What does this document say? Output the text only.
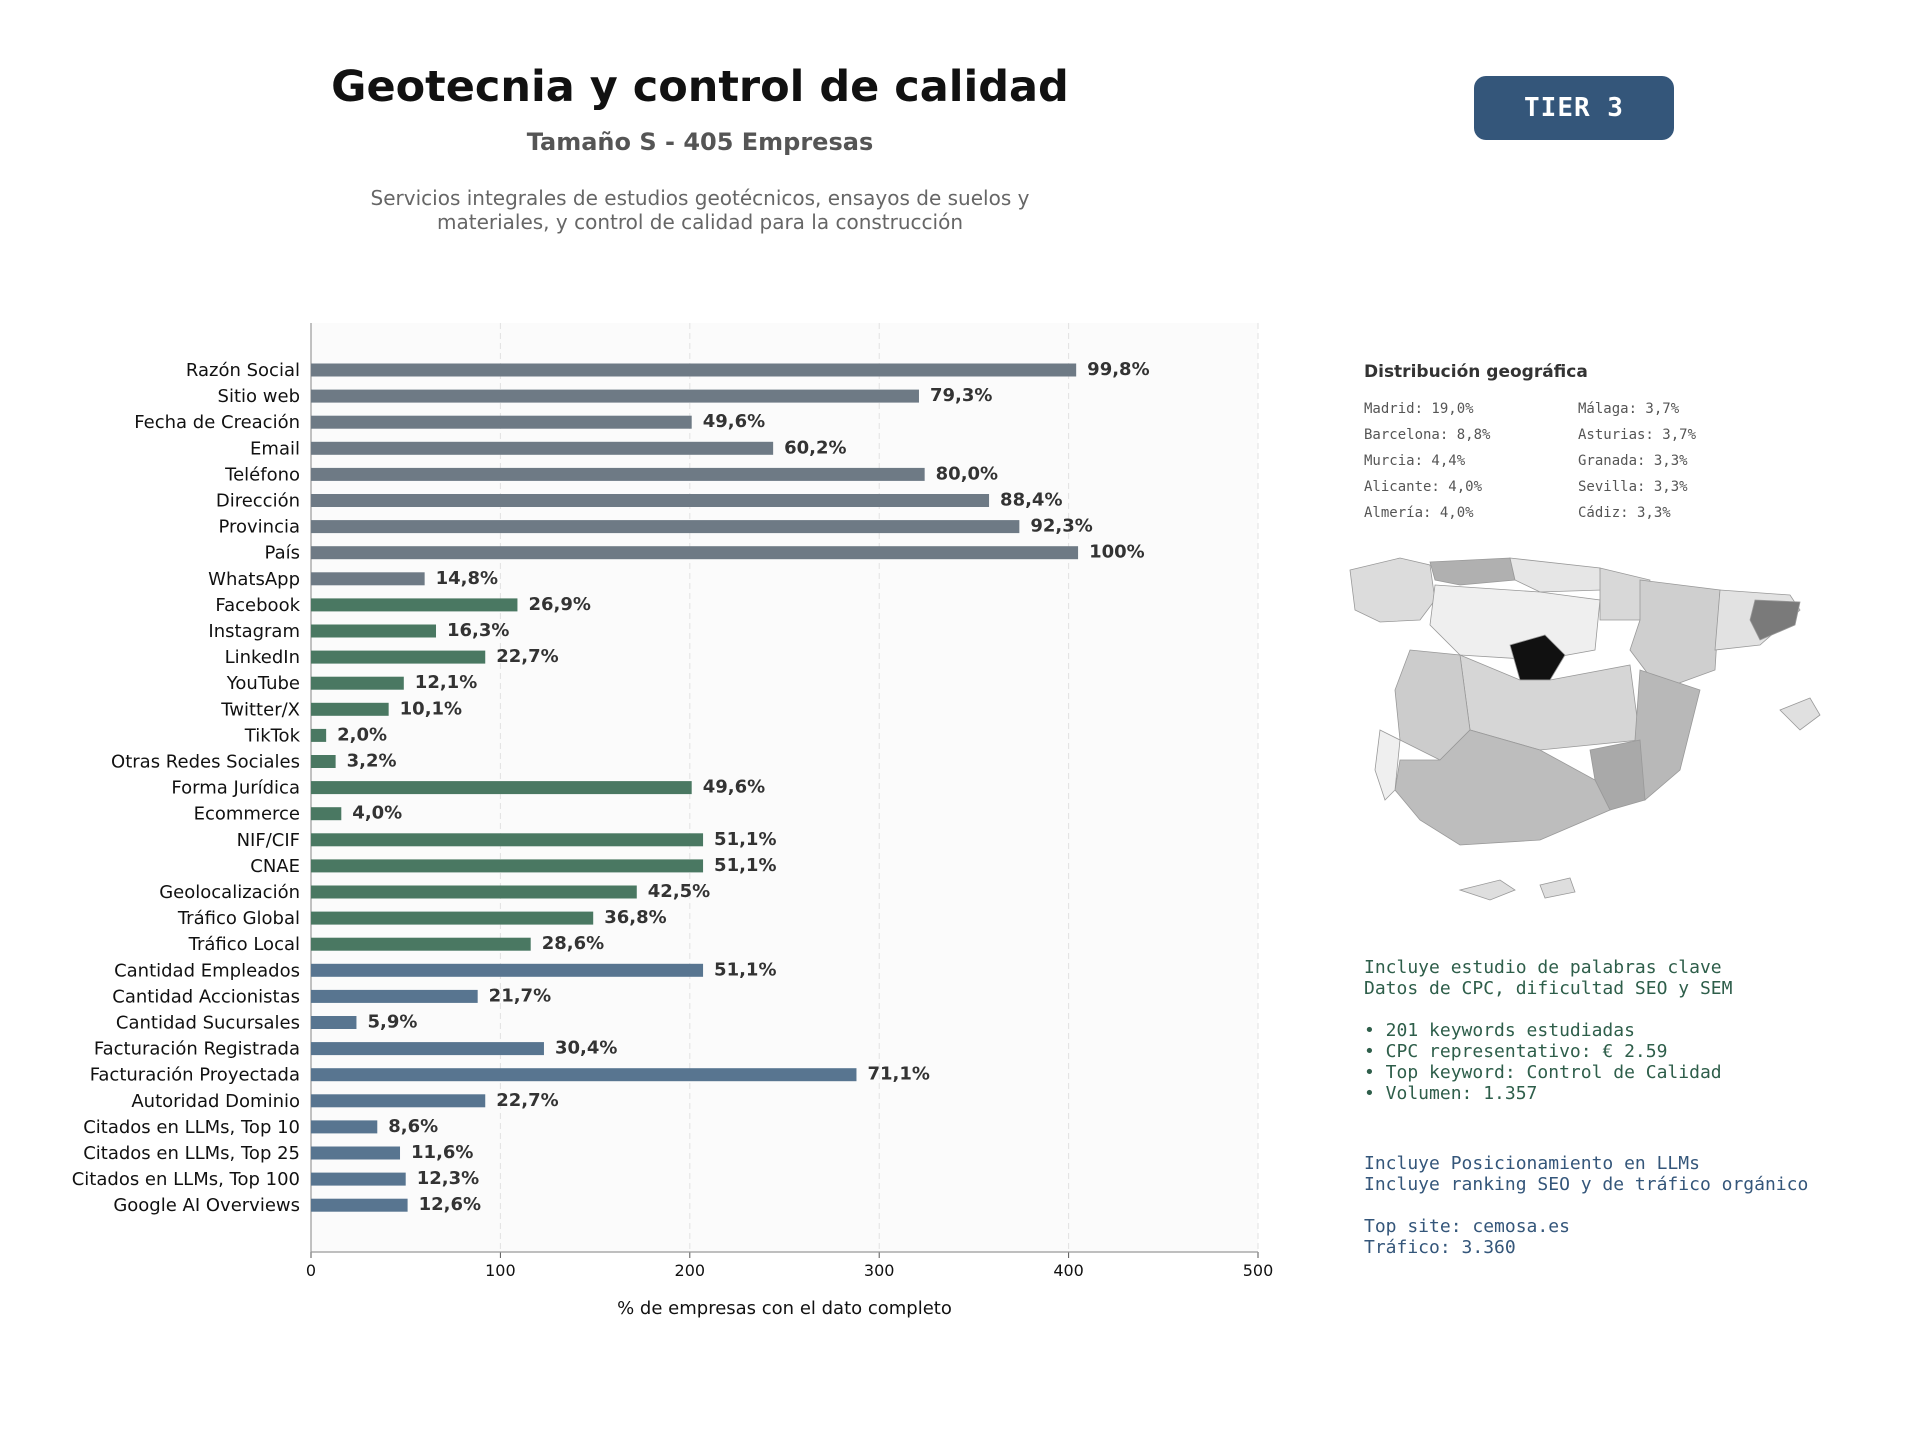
Geotecnia y control de calidad
Tamaño S - 405 Empresas
Servicios integrales de estudios geotécnicos, ensayos de suelos y
materiales, y control de calidad para la construcción
TIER 3
0	100	200	300	400	500
Razón Social	99,8%
Sitio web	79,3%
Fecha de Creación	49,6%
Email	60,2%
Teléfono	80,0%
Dirección	88,4%
Provincia	92,3%
País	100%
WhatsApp	14,8%
Facebook	26,9%
Instagram	16,3%
LinkedIn	22,7%
YouTube	12,1%
Twitter/X	10,1%
TikTok 2,0%
Otras Redes Sociales	3,2%
Forma Jurídica	49,6%
Ecommerce	4,0%
NIF/CIF	51,1%
CNAE	51,1%
Geolocalización	42,5%
Tráfico Global	36,8%
Tráfico Local	28,6%
Cantidad Empleados	51,1%
Cantidad Accionistas	21,7%
Cantidad Sucursales	5,9%
Facturación Registrada	30,4%
Facturación Proyectada	71,1%
Autoridad Dominio	22,7%
Citados en LLMs, Top 10	8,6%
Citados en LLMs, Top 25	11,6%
Citados en LLMs, Top 100	12,3%
Google AI Overviews	12,6%
% de empresas con el dato completo
Distribución geográfica
Madrid: 19,0%
Barcelona: 8,8%
Murcia: 4,4%
Alicante: 4,0%
Almería: 4,0%
Málaga: 3,7%
Asturias: 3,7%
Granada: 3,3%
Sevilla: 3,3%
Cádiz: 3,3%
Incluye estudio de palabras clave
Datos de CPC, dificultad SEO y SEM
• 201 keywords estudiadas
• CPC representativo: € 2.59
• Top keyword: Control de Calidad
• Volumen: 1.357
Incluye Posicionamiento en LLMs
Incluye ranking SEO y de tráfico orgánico
Top site: cemosa.es
Tráfico: 3.360
